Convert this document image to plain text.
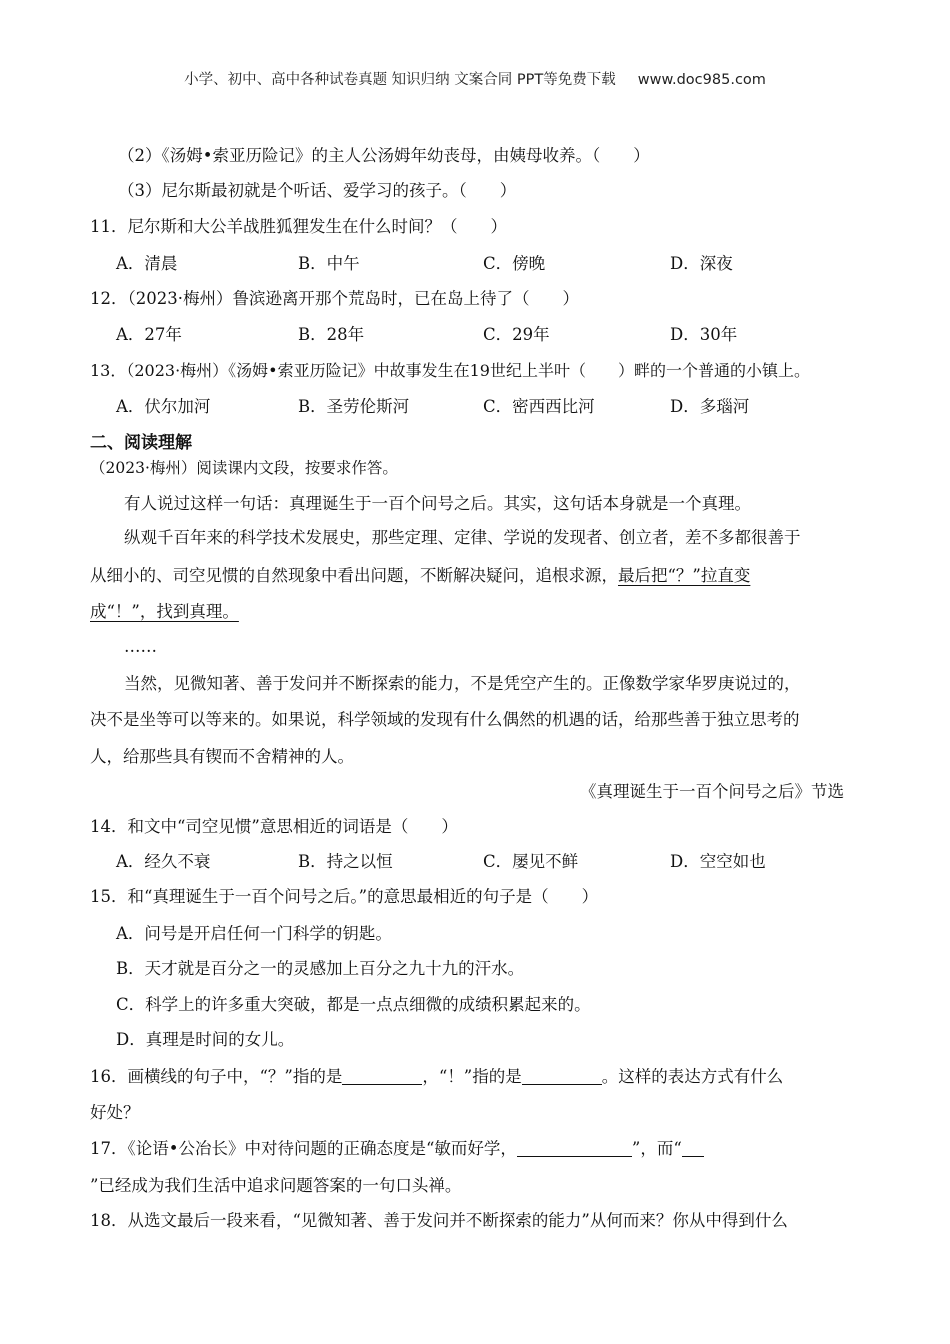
小学、初中、高中各种试卷真题 知识归纳 文案合同 PPT等免费下载 www.doc985.com
（2）《汤姆•索亚历险记》的主人公汤姆年幼丧母，由姨母收养。（　　）
（3）尼尔斯最初就是个听话、爱学习的孩子。（　　）
11．尼尔斯和大公羊战胜狐狸发生在什么时间？（　　）
A．清晨	B．中午	C．傍晚	D．深夜
12．（2023·梅州）鲁滨逊离开那个荒岛时，已在岛上待了（　　）
A．27年	B．28年	C．29年	D．30年
13．（2023·梅州）《汤姆•索亚历险记》中故事发生在19世纪上半叶（　　）畔的一个普通的小镇上。
A．伏尔加河	B．圣劳伦斯河	C．密西西比河	D．多瑙河
二、阅读理解
（2023·梅州）阅读课内文段，按要求作答。
有人说过这样一句话：真理诞生于一百个问号之后。其实，这句话本身就是一个真理。
纵观千百年来的科学技术发展史，那些定理、定律、学说的发现者、创立者，差不多都很善于
从细小的、司空见惯的自然现象中看出问题，不断解决疑问，追根求源，最后把“？”拉直变
成“！”，找到真理。
……
当然，见微知著、善于发问并不断探索的能力，不是凭空产生的。正像数学家华罗庚说过的，
决不是坐等可以等来的。如果说，科学领域的发现有什么偶然的机遇的话，给那些善于独立思考的
人，给那些具有锲而不舍精神的人。
《真理诞生于一百个问号之后》节选
14．和文中“司空见惯”意思相近的词语是（　　）
A．经久不衰	B．持之以恒	C．屡见不鲜	D．空空如也
15．和“真理诞生于一百个问号之后。”的意思最相近的句子是（　　）
A．问号是开启任何一门科学的钥匙。
B．天才就是百分之一的灵感加上百分之九十九的汗水。
C．科学上的许多重大突破，都是一点点细微的成绩积累起来的。
D．真理是时间的女儿。
16．画横线的句子中，“？”指的是	，“！”指的是	。这样的表达方式有什么
好处？
17．《论语•公冶长》中对待问题的正确态度是“敏而好学，	”，而“
”已经成为我们生活中追求问题答案的一句口头禅。
18．从选文最后一段来看，“见微知著、善于发问并不断探索的能力”从何而来？你从中得到什么
